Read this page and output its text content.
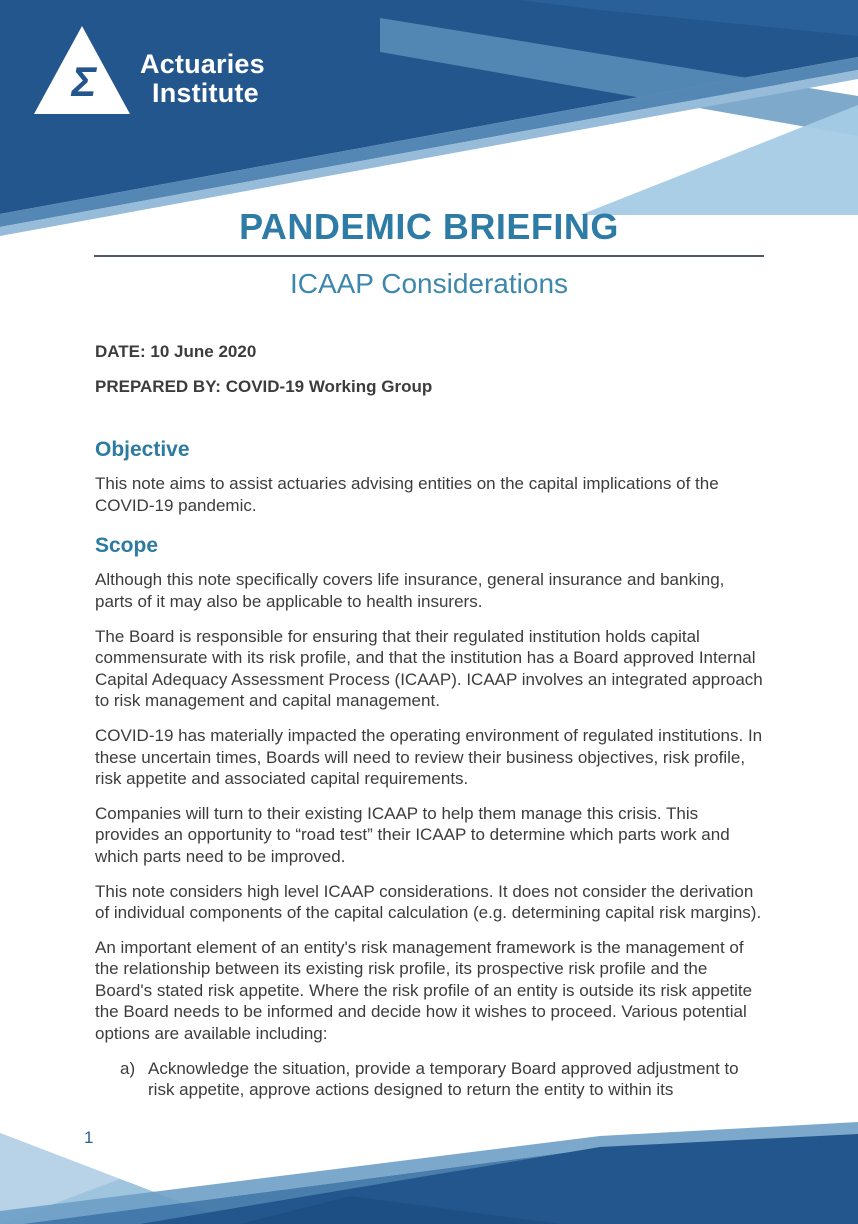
Σ Actuaries
Institute
PANDEMIC BRIEFING
ICAAP Considerations

DATE: 10 June 2020

PREPARED BY: COVID-19 Working Group

Objective

This note aims to assist actuaries advising entities on the capital implications of the COVID-19 pandemic.

Scope

Although this note specifically covers life insurance, general insurance and banking, parts of it may also be applicable to health insurers.

The Board is responsible for ensuring that their regulated institution holds capital commensurate with its risk profile, and that the institution has a Board approved Internal Capital Adequacy Assessment Process (ICAAP). ICAAP involves an integrated approach to risk management and capital management.

COVID-19 has materially impacted the operating environment of regulated institutions. In these uncertain times, Boards will need to review their business objectives, risk profile, risk appetite and associated capital requirements.

Companies will turn to their existing ICAAP to help them manage this crisis. This provides an opportunity to “road test” their ICAAP to determine which parts work and which parts need to be improved.

This note considers high level ICAAP considerations. It does not consider the derivation of individual components of the capital calculation (e.g. determining capital risk margins).

An important element of an entity's risk management framework is the management of the relationship between its existing risk profile, its prospective risk profile and the Board's stated risk appetite. Where the risk profile of an entity is outside its risk appetite the Board needs to be informed and decide how it wishes to proceed. Various potential options are available including:

a) Acknowledge the situation, provide a temporary Board approved adjustment to risk appetite, approve actions designed to return the entity to within its
1
